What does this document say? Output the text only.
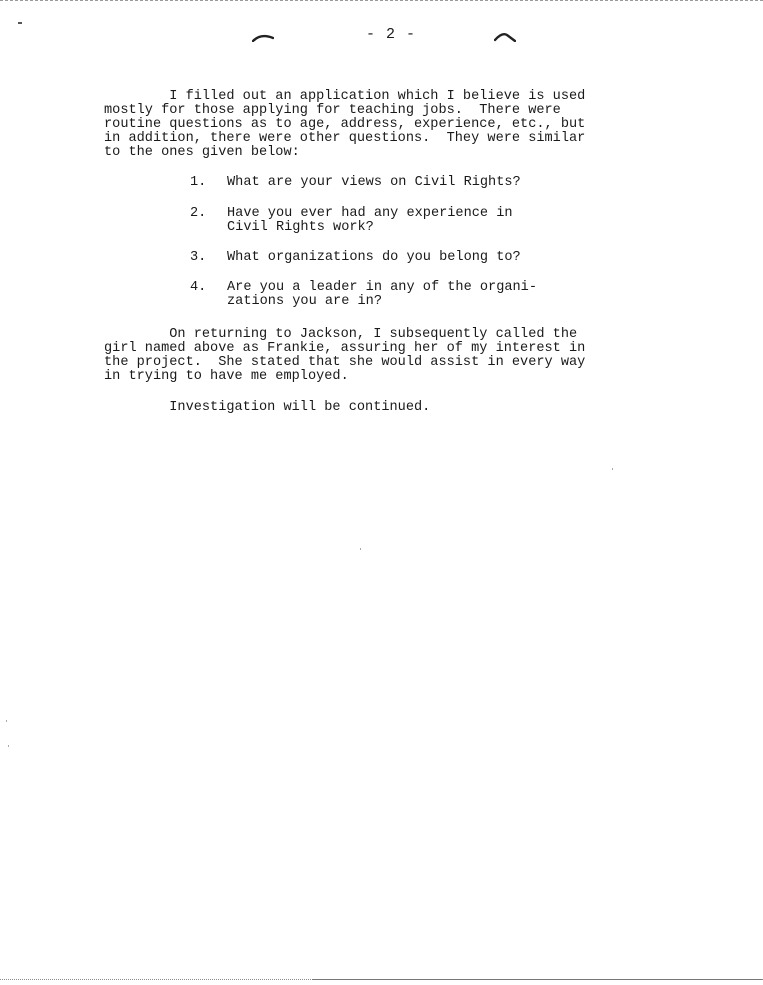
- 2 -

I filled out an application which I believe is used
mostly for those applying for teaching jobs.  There were
routine questions as to age, address, experience, etc., but
in addition, there were other questions.  They were similar
to the ones given below:

1.

What are your views on Civil Rights?

2.

Have you ever had any experience in
Civil Rights work?

3.

What organizations do you belong to?

4.

Are you a leader in any of the organi-
zations you are in?

On returning to Jackson, I subsequently called the
girl named above as Frankie, assuring her of my interest in
the project.  She stated that she would assist in every way
in trying to have me employed.

Investigation will be continued.
